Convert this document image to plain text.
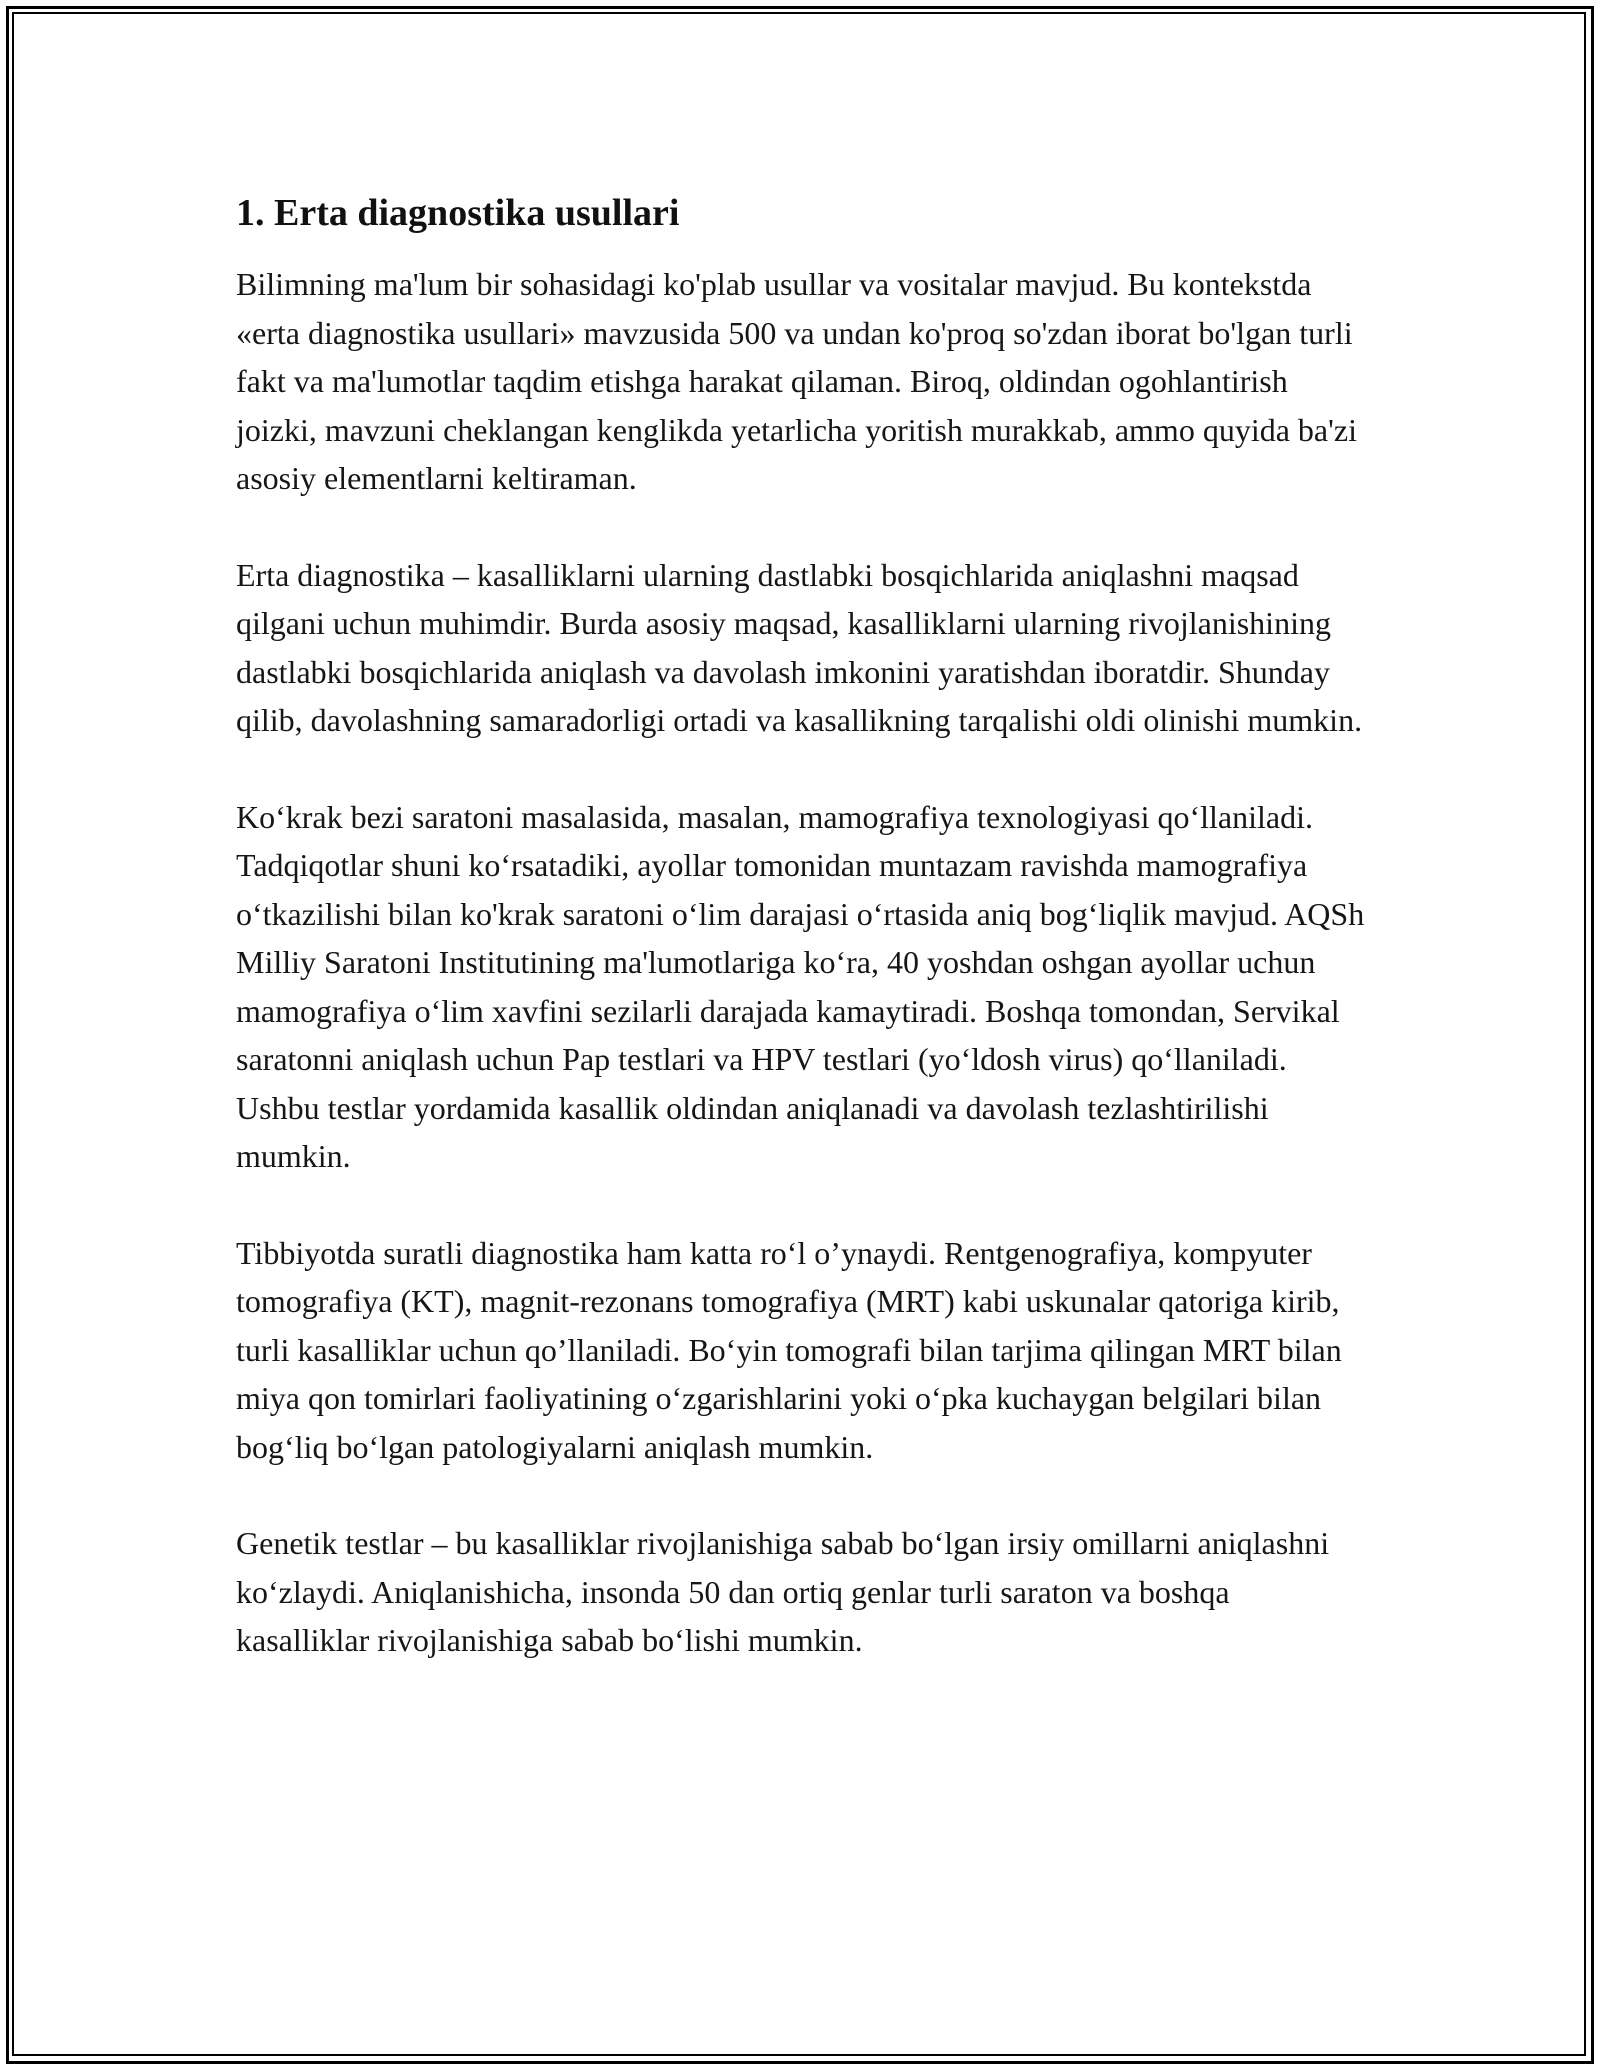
1. Erta diagnostika usullari

Bilimning ma'lum bir sohasidagi ko'plab usullar va vositalar mavjud. Bu kontekstda «erta diagnostika usullari» mavzusida 500 va undan ko'proq so'zdan iborat bo'lgan turli fakt va ma'lumotlar taqdim etishga harakat qilaman. Biroq, oldindan ogohlantirish joizki, mavzuni cheklangan kenglikda yetarlicha yoritish murakkab, ammo quyida ba'zi asosiy elementlarni keltiraman.

Erta diagnostika – kasalliklarni ularning dastlabki bosqichlarida aniqlashni maqsad qilgani uchun muhimdir. Burda asosiy maqsad, kasalliklarni ularning rivojlanishining dastlabki bosqichlarida aniqlash va davolash imkonini yaratishdan iboratdir. Shunday qilib, davolashning samaradorligi ortadi va kasallikning tarqalishi oldi olinishi mumkin.

Ko‘krak bezi saratoni masalasida, masalan, mamografiya texnologiyasi qo‘llaniladi. Tadqiqotlar shuni ko‘rsatadiki, ayollar tomonidan muntazam ravishda mamografiya o‘tkazilishi bilan ko'krak saratoni o‘lim darajasi o‘rtasida aniq bog‘liqlik mavjud. AQSh Milliy Saratoni Institutining ma'lumotlariga ko‘ra, 40 yoshdan oshgan ayollar uchun mamografiya o‘lim xavfini sezilarli darajada kamaytiradi. Boshqa tomondan, Servikal saratonni aniqlash uchun Pap testlari va HPV testlari (yo‘ldosh virus) qo‘llaniladi. Ushbu testlar yordamida kasallik oldindan aniqlanadi va davolash tezlashtirilishi mumkin.

Tibbiyotda suratli diagnostika ham katta ro‘l o’ynaydi. Rentgenografiya, kompyuter tomografiya (KT), magnit-rezonans tomografiya (MRT) kabi uskunalar qatoriga kirib, turli kasalliklar uchun qo’llaniladi. Bo‘yin tomografi bilan tarjima qilingan MRT bilan miya qon tomirlari faoliyatining o‘zgarishlarini yoki o‘pka kuchaygan belgilari bilan bog‘liq bo‘lgan patologiyalarni aniqlash mumkin.

Genetik testlar – bu kasalliklar rivojlanishiga sabab bo‘lgan irsiy omillarni aniqlashni ko‘zlaydi. Aniqlanishicha, insonda 50 dan ortiq genlar turli saraton va boshqa kasalliklar rivojlanishiga sabab bo‘lishi mumkin.
